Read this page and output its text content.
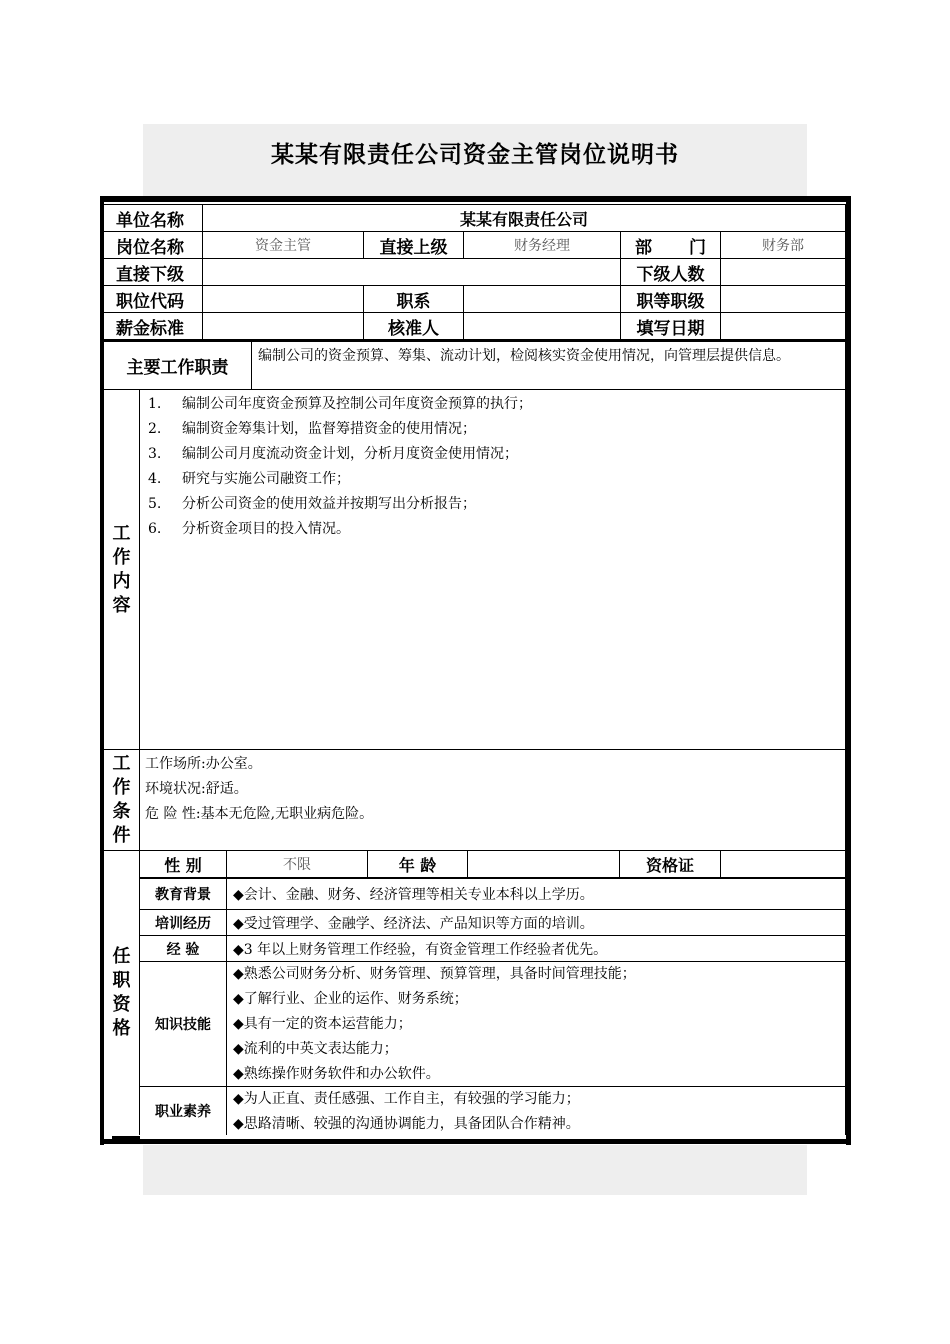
某某有限责任公司资金主管岗位说明书
单位名称	某某有限责任公司
岗位名称	资金主管	直接上级	财务经理	部 门	财务部
直接下级	下级人数
职位代码	职系	职等职级
薪金标准	核准人	填写日期
主要工作职责
编制公司的资金预算、筹集、流动计划，检阅核实资金使用情况，向管理层提供信息。
工
作
内
容
1.	编制公司年度资金预算及控制公司年度资金预算的执行；
2.	编制资金筹集计划，监督筹措资金的使用情况；
3.	编制公司月度流动资金计划，分析月度资金使用情况；
4.	研究与实施公司融资工作；
5.	分析公司资金的使用效益并按期写出分析报告；
6.	分析资金项目的投入情况。
工
作
条
件
工作场所:办公室。
环境状况:舒适。
危 险 性:基本无危险,无职业病危险。
任
职
资
格
性 别	不限	年 龄	资格证
教育背景	◆会计、金融、财务、经济管理等相关专业本科以上学历。
培训经历	◆受过管理学、金融学、经济法、产品知识等方面的培训。
经 验	◆3 年以上财务管理工作经验，有资金管理工作经验者优先。
知识技能
◆熟悉公司财务分析、财务管理、预算管理，具备时间管理技能；
◆了解行业、企业的运作、财务系统；
◆具有一定的资本运营能力；
◆流利的中英文表达能力；
◆熟练操作财务软件和办公软件。
职业素养
◆为人正直、责任感强、工作自主，有较强的学习能力；
◆思路清晰、较强的沟通协调能力，具备团队合作精神。
